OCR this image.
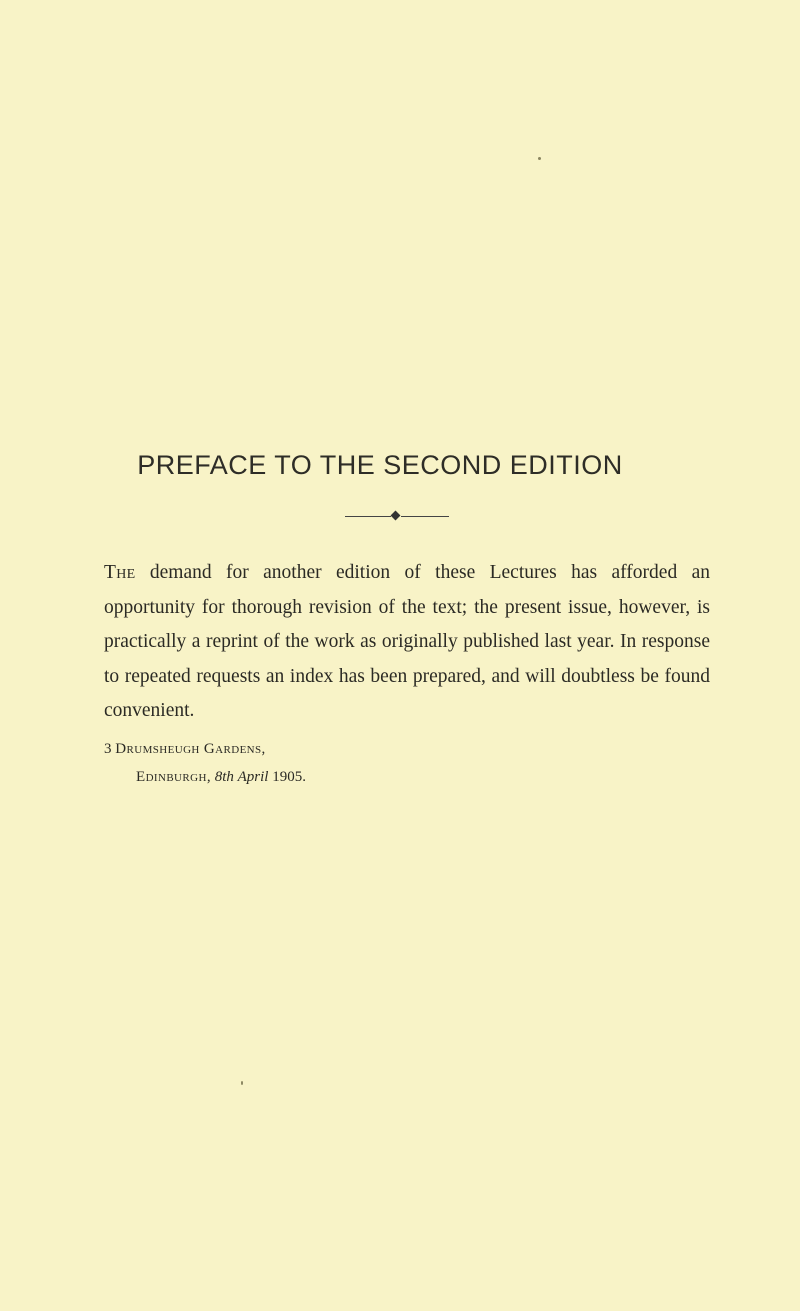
PREFACE TO THE SECOND EDITION
The demand for another edition of these Lectures has afforded an opportunity for thorough revision of the text; the present issue, however, is practically a reprint of the work as originally published last year. In response to repeated requests an index has been prepared, and will doubtless be found convenient.
3 Drumsheugh Gardens,
Edinburgh, 8th April 1905.
